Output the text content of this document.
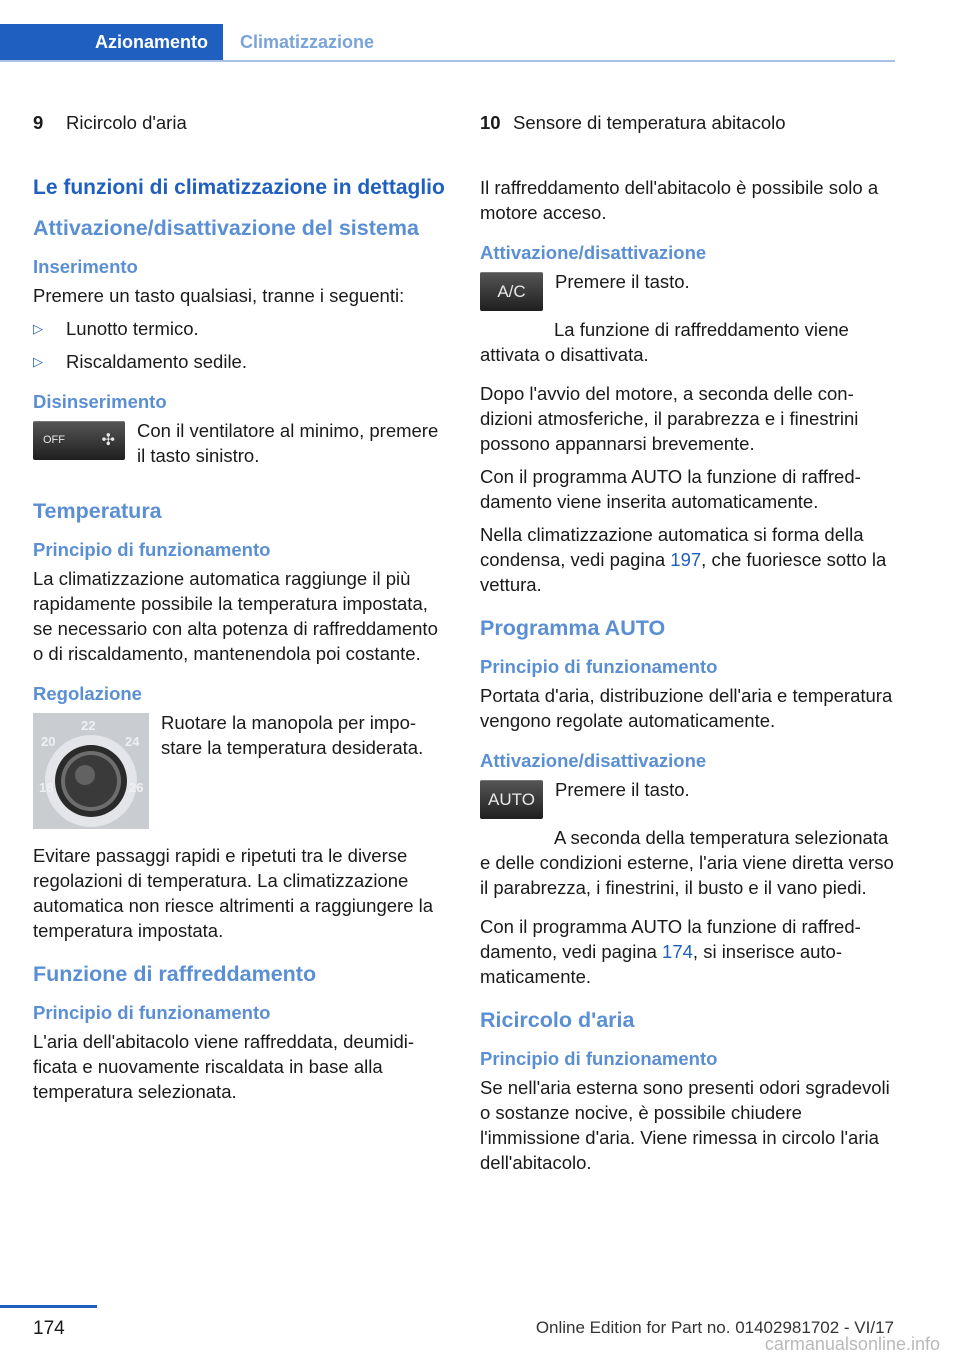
Azionamento Climatizzazione
9	Ricircolo d'aria
Le funzioni di climatizzazione in dettaglio
Attivazione/disattivazione del sistema
Inserimento

Premere un tasto qualsiasi, tranne i seguenti:

▷	Lunotto termico.
▷	Riscaldamento sedile.
Disinserimento
OFF ✣ Con il ventilatore al minimo, premere il tasto sinistro.
Temperatura
Principio di funzionamento

La climatizzazione automatica raggiunge il più rapidamente possibile la temperatura impostata, se necessario con alta potenza di raffreddamento o di riscaldamento, mantenendola poi costante.

Regolazione
18
20
22
24
26
Ruotare la manopola per impostare la temperatura desiderata.

Evitare passaggi rapidi e ripetuti tra le diverse regolazioni di temperatura. La climatizzazione automatica non riesce altrimenti a raggiungere la temperatura impostata.

Funzione di raffreddamento
Principio di funzionamento

L'aria dell'abitacolo viene raffreddata, deumidificata e nuovamente riscaldata in base alla temperatura selezionata.

10 Sensore di temperatura abitacolo

Il raffreddamento dell'abitacolo è possibile solo a motore acceso.

Attivazione/disattivazione
A/C Premere il tasto.

La funzione di raffreddamento viene attivata o disattivata.

Dopo l'avvio del motore, a seconda delle condizioni atmosferiche, il parabrezza e i finestrini possono appannarsi brevemente.

Con il programma AUTO la funzione di raffreddamento viene inserita automaticamente.

Nella climatizzazione automatica si forma della condensa, vedi pagina 197, che fuoriesce sotto la vettura.

Programma AUTO
Principio di funzionamento

Portata d'aria, distribuzione dell'aria e temperatura vengono regolate automaticamente.

Attivazione/disattivazione
AUTO Premere il tasto.

A seconda della temperatura selezionata e delle condizioni esterne, l'aria viene diretta verso il parabrezza, i finestrini, il busto e il vano piedi.

Con il programma AUTO la funzione di raffreddamento, vedi pagina 174, si inserisce automaticamente.

Ricircolo d'aria
Principio di funzionamento

Se nell'aria esterna sono presenti odori sgradevoli o sostanze nocive, è possibile chiudere l'immissione d'aria. Viene rimessa in circolo l'aria dell'abitacolo.

174	Online Edition for Part no. 01402981702 - VI/17
carmanualsonline.info
